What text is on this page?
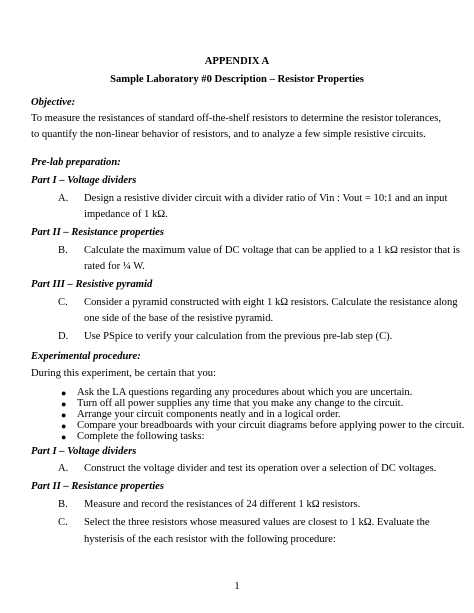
APPENDIX A
Sample Laboratory #0 Description – Resistor Properties
Objective:
To measure the resistances of standard off-the-shelf resistors to determine the resistor tolerances,
to quantify the non-linear behavior of resistors, and to analyze a few simple resistive circuits.
Pre-lab preparation:
Part I – Voltage dividers
A. Design a resistive divider circuit with a divider ratio of Vin : Vout = 10:1 and an input
impedance of 1 kΩ.
Part II – Resistance properties
B. Calculate the maximum value of DC voltage that can be applied to a 1 kΩ resistor that is
rated for ¼ W.
Part III – Resistive pyramid
C. Consider a pyramid constructed with eight 1 kΩ resistors. Calculate the resistance along
one side of the base of the resistive pyramid.
D. Use PSpice to verify your calculation from the previous pre-lab step (C).
Experimental procedure:
During this experiment, be certain that you:
● Ask the LA questions regarding any procedures about which you are uncertain.
● Turn off all power supplies any time that you make any change to the circuit.
● Arrange your circuit components neatly and in a logical order.
● Compare your breadboards with your circuit diagrams before applying power to the circuit.
● Complete the following tasks:
Part I – Voltage dividers
A. Construct the voltage divider and test its operation over a selection of DC voltages.
Part II – Resistance properties
B. Measure and record the resistances of 24 different 1 kΩ resistors.
C. Select the three resistors whose measured values are closest to 1 kΩ. Evaluate the
hysterisis of the each resistor with the following procedure:
1
